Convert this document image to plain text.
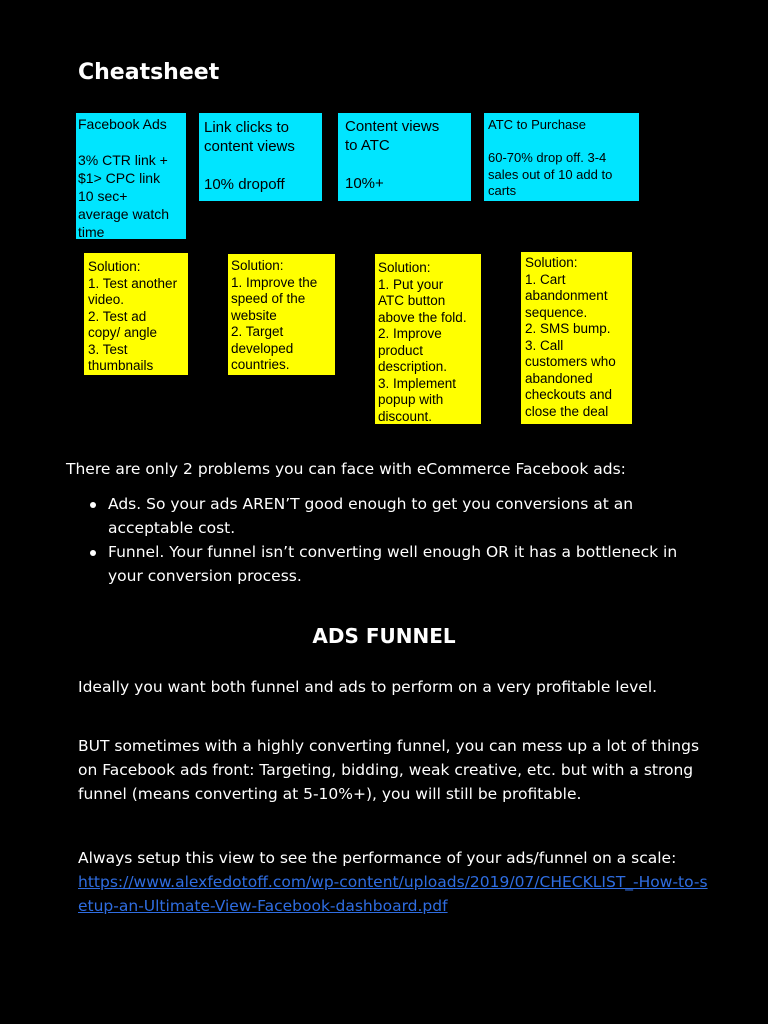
Cheatsheet
Facebook Ads

3% CTR link +
$1> CPC link
10 sec+
average watch
time
Link clicks to
content views

10% dropoff
Content views
to ATC

10%+
ATC to Purchase

60-70% drop off. 3-4
sales out of 10 add to
carts
Solution:
1. Test another
video.
2. Test ad
copy/ angle
3. Test
thumbnails
Solution:
1. Improve the
speed of the
website
2. Target
developed
countries.
Solution:
1. Put your
ATC button
above the fold.
2. Improve
product
description.
3. Implement
popup with
discount.
Solution:
1. Cart
abandonment
sequence.
2. SMS bump.
3. Call
customers who
abandoned
checkouts and
close the deal

There are only 2 problems you can face with eCommerce Facebook ads:

Ads. So your ads AREN’T good enough to get you conversions at an acceptable cost.
Funnel. Your funnel isn’t converting well enough OR it has a bottleneck in your conversion process.
ADS FUNNEL

Ideally you want both funnel and ads to perform on a very profitable level.

BUT sometimes with a highly converting funnel, you can mess up a lot of things on Facebook ads front: Targeting, bidding, weak creative, etc. but with a strong funnel (means converting at 5-10%+), you will still be profitable.

Always setup this view to see the performance of your ads/funnel on a scale:
https://www.alexfedotoff.com/wp-content/uploads/2019/07/CHECKLIST_-How-to-setup-an-Ultimate-View-Facebook-dashboard.pdf
